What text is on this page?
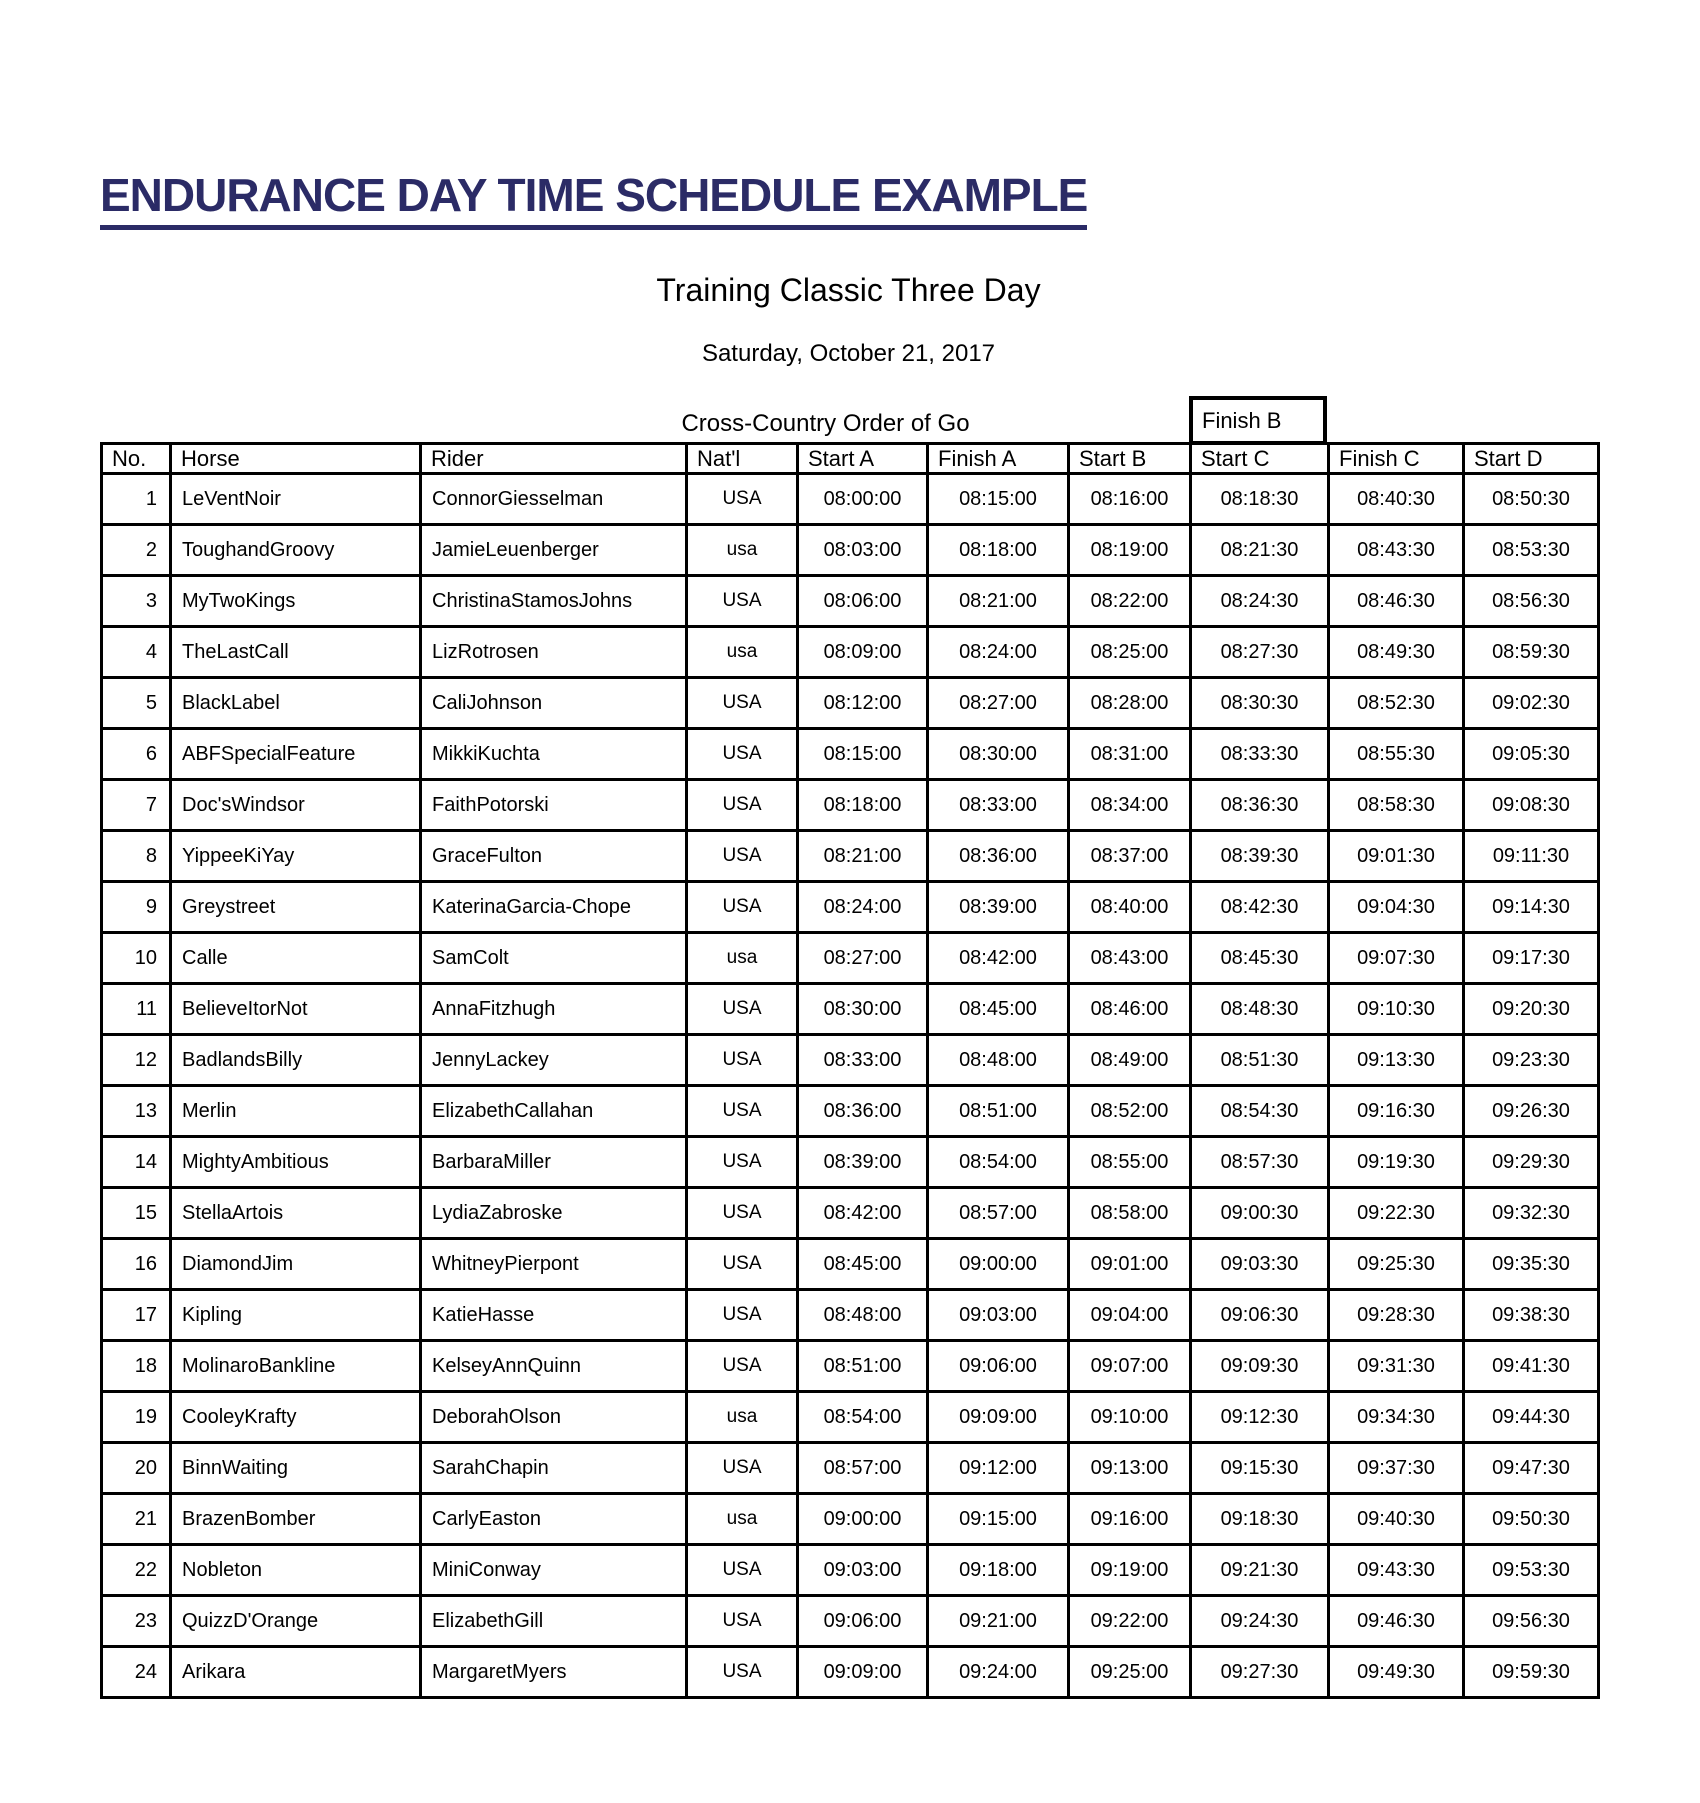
ENDURANCE DAY TIME SCHEDULE EXAMPLE
Training Classic Three Day
Saturday, October 21, 2017
Cross-Country Order of Go	Finish B
No.	Horse	Rider	Nat'l	Start A	Finish A	Start B	Start C	Finish C	Start D
1	LeVentNoir	ConnorGiesselman	USA	08:00:00	08:15:00	08:16:00	08:18:30	08:40:30	08:50:30
2	ToughandGroovy	JamieLeuenberger	usa	08:03:00	08:18:00	08:19:00	08:21:30	08:43:30	08:53:30
3	MyTwoKings	ChristinaStamosJohns	USA	08:06:00	08:21:00	08:22:00	08:24:30	08:46:30	08:56:30
4	TheLastCall	LizRotrosen	usa	08:09:00	08:24:00	08:25:00	08:27:30	08:49:30	08:59:30
5	BlackLabel	CaliJohnson	USA	08:12:00	08:27:00	08:28:00	08:30:30	08:52:30	09:02:30
6	ABFSpecialFeature	MikkiKuchta	USA	08:15:00	08:30:00	08:31:00	08:33:30	08:55:30	09:05:30
7	Doc'sWindsor	FaithPotorski	USA	08:18:00	08:33:00	08:34:00	08:36:30	08:58:30	09:08:30
8	YippeeKiYay	GraceFulton	USA	08:21:00	08:36:00	08:37:00	08:39:30	09:01:30	09:11:30
9	Greystreet	KaterinaGarcia-Chope	USA	08:24:00	08:39:00	08:40:00	08:42:30	09:04:30	09:14:30
10	Calle	SamColt	usa	08:27:00	08:42:00	08:43:00	08:45:30	09:07:30	09:17:30
11	BelieveItorNot	AnnaFitzhugh	USA	08:30:00	08:45:00	08:46:00	08:48:30	09:10:30	09:20:30
12	BadlandsBilly	JennyLackey	USA	08:33:00	08:48:00	08:49:00	08:51:30	09:13:30	09:23:30
13	Merlin	ElizabethCallahan	USA	08:36:00	08:51:00	08:52:00	08:54:30	09:16:30	09:26:30
14	MightyAmbitious	BarbaraMiller	USA	08:39:00	08:54:00	08:55:00	08:57:30	09:19:30	09:29:30
15	StellaArtois	LydiaZabroske	USA	08:42:00	08:57:00	08:58:00	09:00:30	09:22:30	09:32:30
16	DiamondJim	WhitneyPierpont	USA	08:45:00	09:00:00	09:01:00	09:03:30	09:25:30	09:35:30
17	Kipling	KatieHasse	USA	08:48:00	09:03:00	09:04:00	09:06:30	09:28:30	09:38:30
18	MolinaroBankline	KelseyAnnQuinn	USA	08:51:00	09:06:00	09:07:00	09:09:30	09:31:30	09:41:30
19	CooleyKrafty	DeborahOlson	usa	08:54:00	09:09:00	09:10:00	09:12:30	09:34:30	09:44:30
20	BinnWaiting	SarahChapin	USA	08:57:00	09:12:00	09:13:00	09:15:30	09:37:30	09:47:30
21	BrazenBomber	CarlyEaston	usa	09:00:00	09:15:00	09:16:00	09:18:30	09:40:30	09:50:30
22	Nobleton	MiniConway	USA	09:03:00	09:18:00	09:19:00	09:21:30	09:43:30	09:53:30
23	QuizzD'Orange	ElizabethGill	USA	09:06:00	09:21:00	09:22:00	09:24:30	09:46:30	09:56:30
24	Arikara	MargaretMyers	USA	09:09:00	09:24:00	09:25:00	09:27:30	09:49:30	09:59:30
